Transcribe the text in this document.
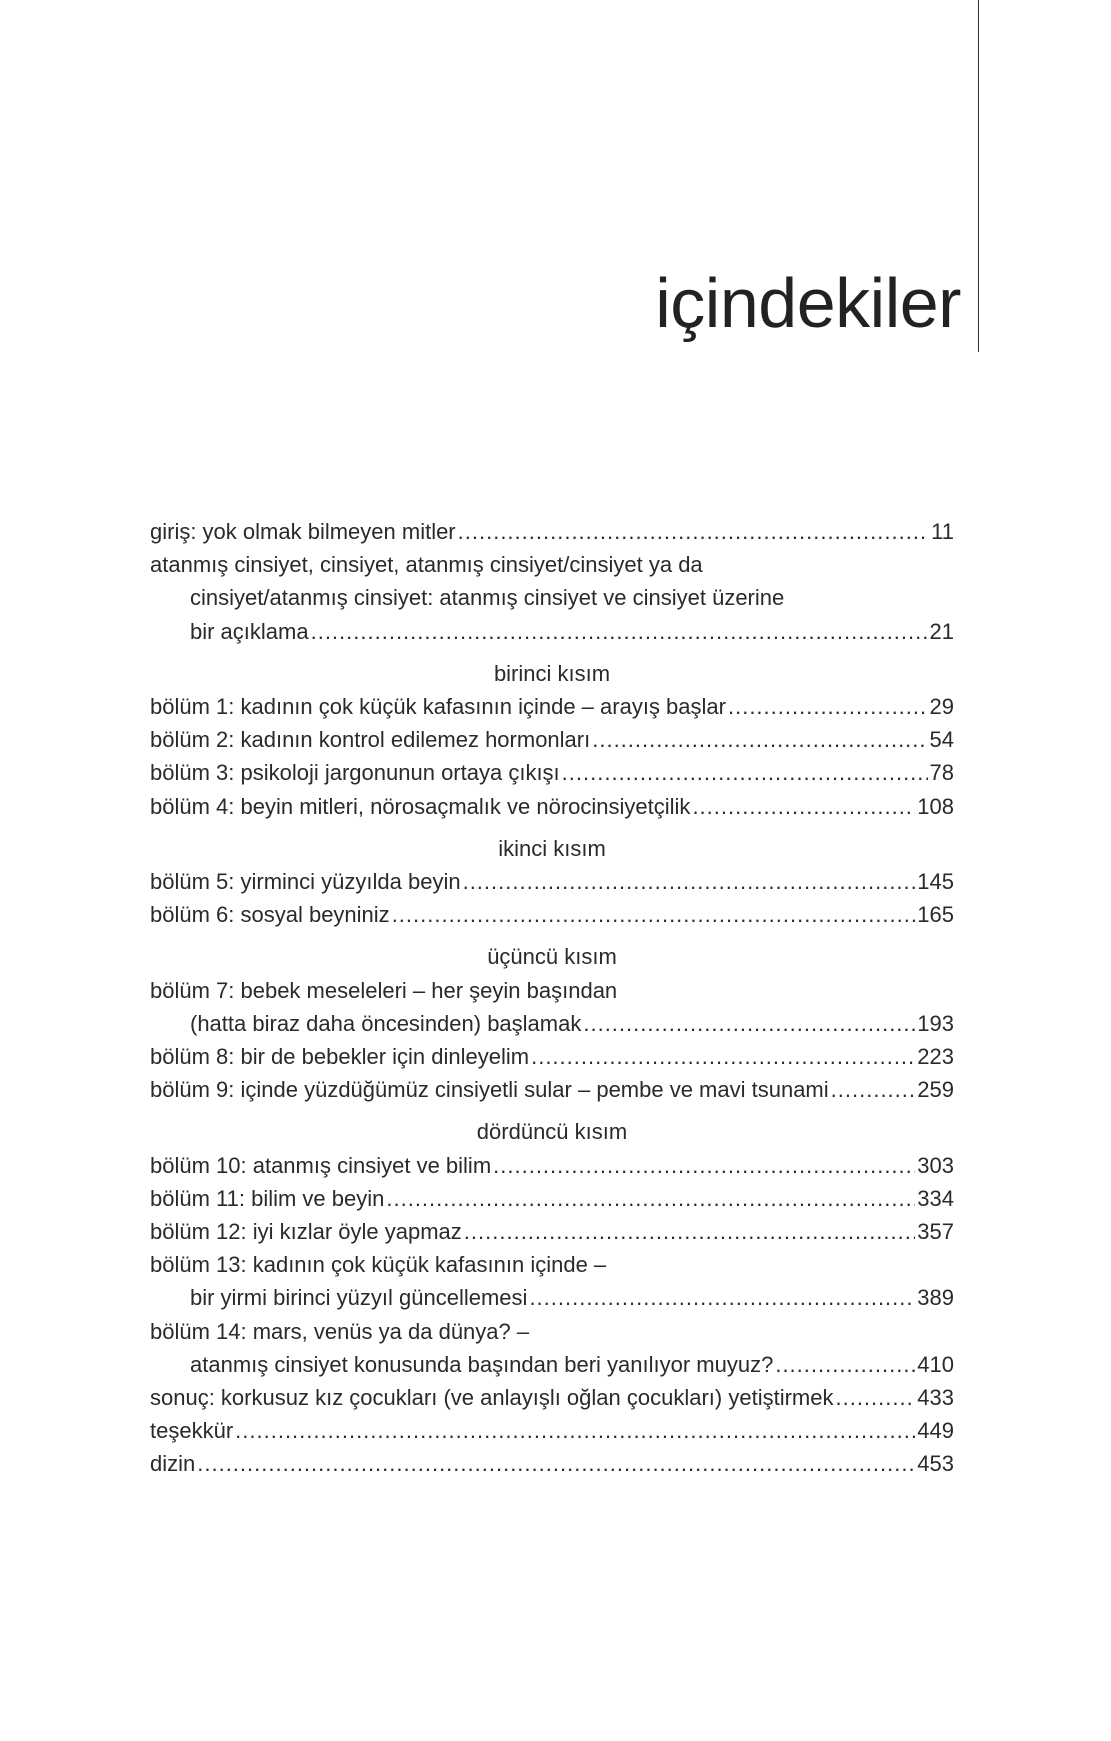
içindekiler
giriş: yok olmak bilmeyen mitler .....	11
atanmış cinsiyet, cinsiyet, atanmış cinsiyet/cinsiyet ya da
cinsiyet/atanmış cinsiyet: atanmış cinsiyet ve cinsiyet üzerine
bir açıklama .....	21
birinci kısım
bölüm 1: kadının çok küçük kafasının içinde – arayış başlar .....	29
bölüm 2: kadının kontrol edilemez hormonları .....	54
bölüm 3: psikoloji jargonunun ortaya çıkışı .....	78
bölüm 4: beyin mitleri, nörosaçmalık ve nörocinsiyetçilik .....	108
ikinci kısım
bölüm 5: yirminci yüzyılda beyin .....	145
bölüm 6: sosyal beyniniz .....	165
üçüncü kısım
bölüm 7: bebek meseleleri – her şeyin başından
(hatta biraz daha öncesinden) başlamak .....	193
bölüm 8: bir de bebekler için dinleyelim .....	223
bölüm 9: içinde yüzdüğümüz cinsiyetli sular – pembe ve mavi tsunami .....	259
dördüncü kısım
bölüm 10: atanmış cinsiyet ve bilim .....	303
bölüm 11: bilim ve beyin .....	334
bölüm 12: iyi kızlar öyle yapmaz .....	357
bölüm 13: kadının çok küçük kafasının içinde –
bir yirmi birinci yüzyıl güncellemesi .....	389
bölüm 14: mars, venüs ya da dünya? –
atanmış cinsiyet konusunda başından beri yanılıyor muyuz? .....	410
sonuç: korkusuz kız çocukları (ve anlayışlı oğlan çocukları) yetiştirmek .....	433
teşekkür .....	449
dizin .....	453
